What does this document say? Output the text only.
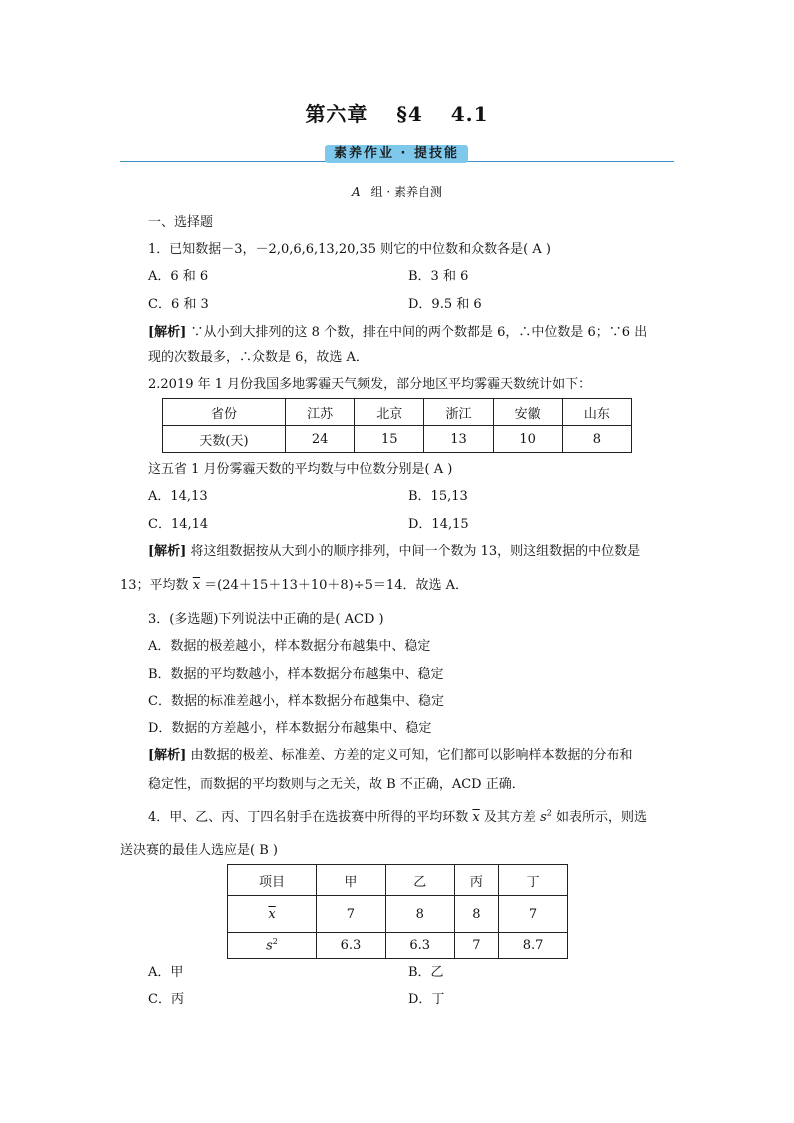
第六章 §4 4.1
素养作业 · 提技能
A 组 · 素养自测
一、选择题
1．已知数据－3，－2,0,6,6,13,20,35 则它的中位数和众数各是( A )
A．6 和 6	B．3 和 6
C．6 和 3	D．9.5 和 6
[解析] ∵从小到大排列的这 8 个数，排在中间的两个数都是 6，∴中位数是 6；∵6 出
现的次数最多，∴众数是 6，故选 A．
2.2019 年 1 月份我国多地雾霾天气频发，部分地区平均雾霾天数统计如下：
省份	江苏	北京	浙江	安徽	山东
天数(天)	24	15	13	10	8
这五省 1 月份雾霾天数的平均数与中位数分别是( A )
A．14,13	B．15,13
C．14,14	D．14,15
[解析] 将这组数据按从大到小的顺序排列，中间一个数为 13，则这组数据的中位数是
13；平均数 $\overline{x} =(24+15+13+10+8)\div 5=14$．故选 A．
3．(多选题)下列说法中正确的是( ACD )
A．数据的极差越小，样本数据分布越集中、稳定
B．数据的平均数越小，样本数据分布越集中、稳定
C．数据的标准差越小，样本数据分布越集中、稳定
D．数据的方差越小，样本数据分布越集中、稳定
[解析] 由数据的极差、标准差、方差的定义可知，它们都可以影响样本数据的分布和
稳定性，而数据的平均数则与之无关，故 B 不正确，ACD 正确．
4．甲、乙、丙、丁四名射手在选拔赛中所得的平均环数 $\overline{x}$ 及其方差 $s^2$ 如表所示，则选
送决赛的最佳人选应是( B )
项目	甲	乙	丙	丁
$\overline{x}$	7	8	8	7
$s^2$	6.3	6.3	7	8.7
A．甲	B．乙
C．丙	D．丁
